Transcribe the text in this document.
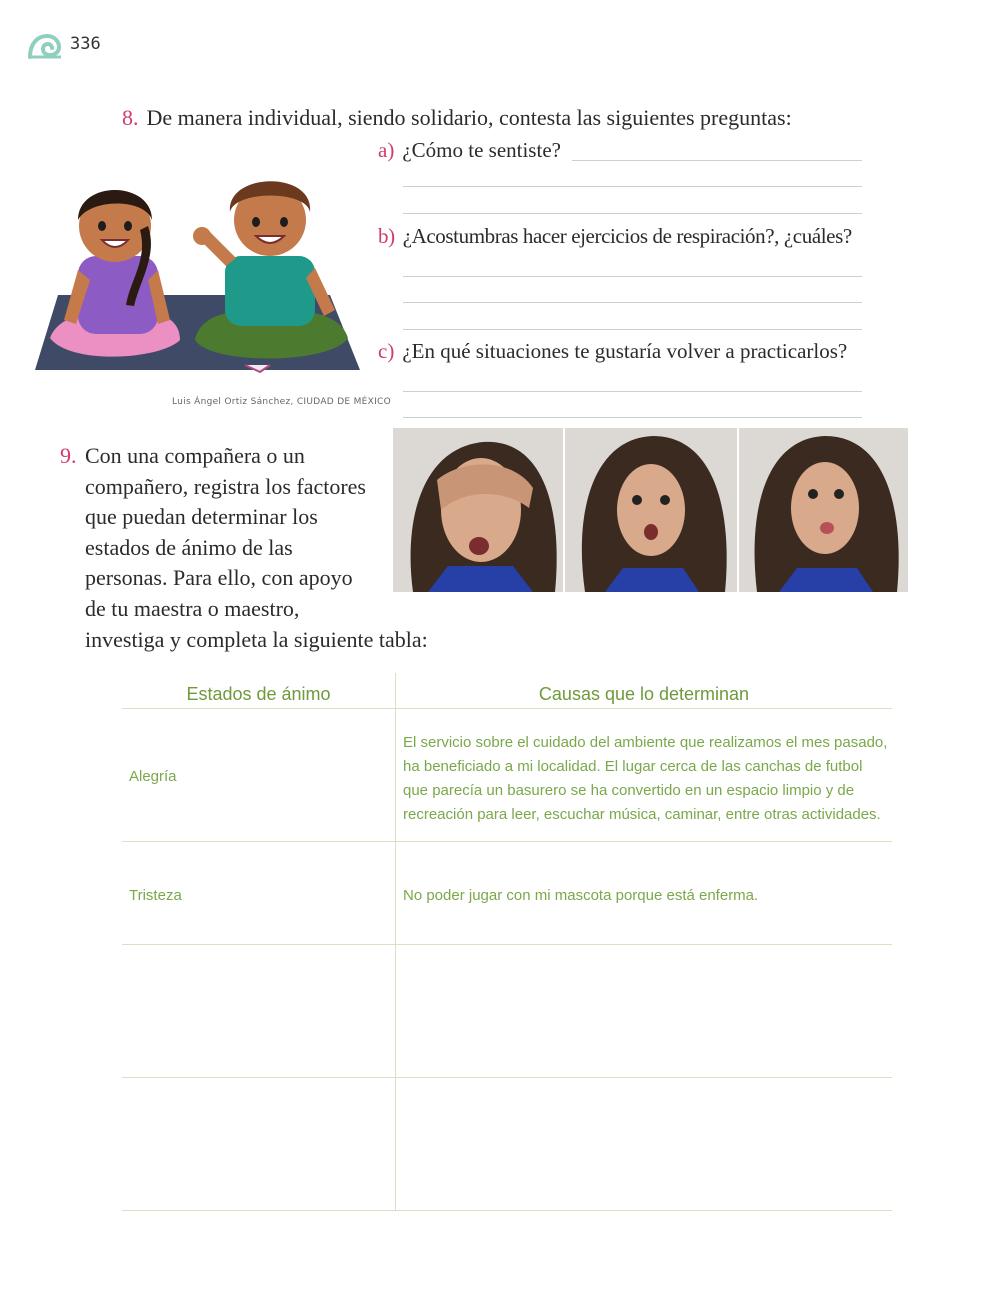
336
8. De manera individual, siendo solidario, contesta las siguientes preguntas:
a) ¿Cómo te sentiste?
b) ¿Acostumbras hacer ejercicios de respiración?, ¿cuáles?
c) ¿En qué situaciones te gustaría volver a practicarlos?
Luis Ángel Ortiz Sánchez, CIUDAD DE MÉXICO
9. Con una compañera o un
compañero, registra los factores
que puedan determinar los
estados de ánimo de las
personas. Para ello, con apoyo
de tu maestra o maestro,
investiga y completa la siguiente tabla:
Estados de ánimo	Causas que lo determinan
Alegría
El servicio sobre el cuidado del ambiente que realizamos el mes pasado,
ha beneficiado a mi localidad. El lugar cerca de las canchas de futbol
que parecía un basurero se ha convertido en un espacio limpio y de
recreación para leer, escuchar música, caminar, entre otras actividades.
Tristeza	No poder jugar con mi mascota porque está enferma.
